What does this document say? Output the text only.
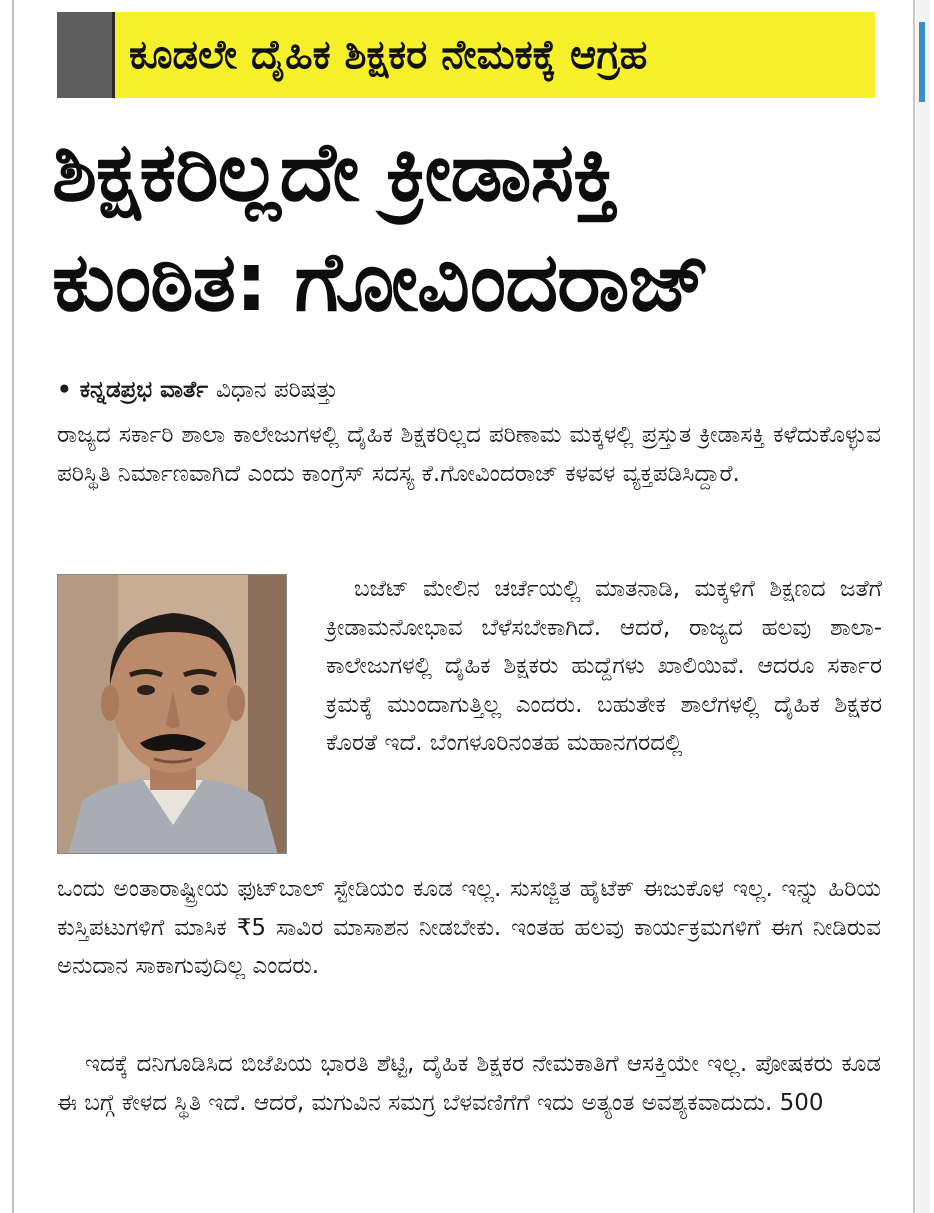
ಕೂಡಲೇ ದೈಹಿಕ ಶಿಕ್ಷಕರ ನೇಮಕಕ್ಕೆ ಆಗ್ರಹ
ಶಿಕ್ಷಕರಿಲ್ಲದೇ ಕ್ರೀಡಾಸಕ್ತಿ
ಕುಂಠಿತ: ಗೋವಿಂದರಾಜ್
• ಕನ್ನಡಪ್ರಭ ವಾರ್ತೆ ವಿಧಾನ ಪರಿಷತ್ತು
ರಾಜ್ಯದ ಸರ್ಕಾರಿ ಶಾಲಾ ಕಾಲೇಜುಗಳಲ್ಲಿ ದೈಹಿಕ ಶಿಕ್ಷಕರಿಲ್ಲದ ಪರಿಣಾಮ ಮಕ್ಕಳಲ್ಲಿ ಪ್ರಸ್ತುತ ಕ್ರೀಡಾಸಕ್ತಿ ಕಳೆದುಕೊಳ್ಳುವ ಪರಿಸ್ಥಿತಿ ನಿರ್ಮಾಣವಾಗಿದೆ ಎಂದು ಕಾಂಗ್ರೆಸ್ ಸದಸ್ಯ ಕೆ.ಗೋವಿಂದರಾಜ್ ಕಳವಳ ವ್ಯಕ್ತಪಡಿಸಿದ್ದಾರೆ.
ಬಜೆಟ್ ಮೇಲಿನ ಚರ್ಚೆಯಲ್ಲಿ ಮಾತನಾಡಿ, ಮಕ್ಕಳಿಗೆ ಶಿಕ್ಷಣದ ಜತೆಗೆ ಕ್ರೀಡಾಮನೋಭಾವ ಬೆಳೆಸಬೇಕಾಗಿದೆ. ಆದರೆ, ರಾಜ್ಯದ ಹಲವು ಶಾಲಾ-ಕಾಲೇಜುಗಳಲ್ಲಿ ದೈಹಿಕ ಶಿಕ್ಷಕರು ಹುದ್ದೆಗಳು ಖಾಲಿಯಿವೆ. ಆದರೂ ಸರ್ಕಾರ ಕ್ರಮಕ್ಕೆ ಮುಂದಾಗುತ್ತಿಲ್ಲ ಎಂದರು. ಬಹುತೇಕ ಶಾಲೆಗಳಲ್ಲಿ ದೈಹಿಕ ಶಿಕ್ಷಕರ ಕೊರತೆ ಇದೆ. ಬೆಂಗಳೂರಿನಂತಹ ಮಹಾನಗರದಲ್ಲಿ
ಒಂದು ಅಂತಾರಾಷ್ಟ್ರೀಯ ಫುಟ್‌ಬಾಲ್ ಸ್ಟೇಡಿಯಂ ಕೂಡ ಇಲ್ಲ. ಸುಸಜ್ಜಿತ ಹೈಟೆಕ್ ಈಜುಕೊಳ ಇಲ್ಲ. ಇನ್ನು ಹಿರಿಯ ಕುಸ್ತಿಪಟುಗಳಿಗೆ ಮಾಸಿಕ ₹5 ಸಾವಿರ ಮಾಸಾಶನ ನೀಡಬೇಕು. ಇಂತಹ ಹಲವು ಕಾರ್ಯಕ್ರಮಗಳಿಗೆ ಈಗ ನೀಡಿರುವ ಅನುದಾನ ಸಾಕಾಗುವುದಿಲ್ಲ ಎಂದರು.
ಇದಕ್ಕೆ ದನಿಗೂಡಿಸಿದ ಬಿಜೆಪಿಯ ಭಾರತಿ ಶೆಟ್ಟಿ, ದೈಹಿಕ ಶಿಕ್ಷಕರ ನೇಮಕಾತಿಗೆ ಆಸಕ್ತಿಯೇ ಇಲ್ಲ. ಪೋಷಕರು ಕೂಡ ಈ ಬಗ್ಗೆ ಕೇಳದ ಸ್ಥಿತಿ ಇದೆ. ಆದರೆ, ಮಗುವಿನ ಸಮಗ್ರ ಬೆಳವಣಿಗೆಗೆ ಇದು ಅತ್ಯಂತ ಅವಶ್ಯಕವಾದುದು. 500
